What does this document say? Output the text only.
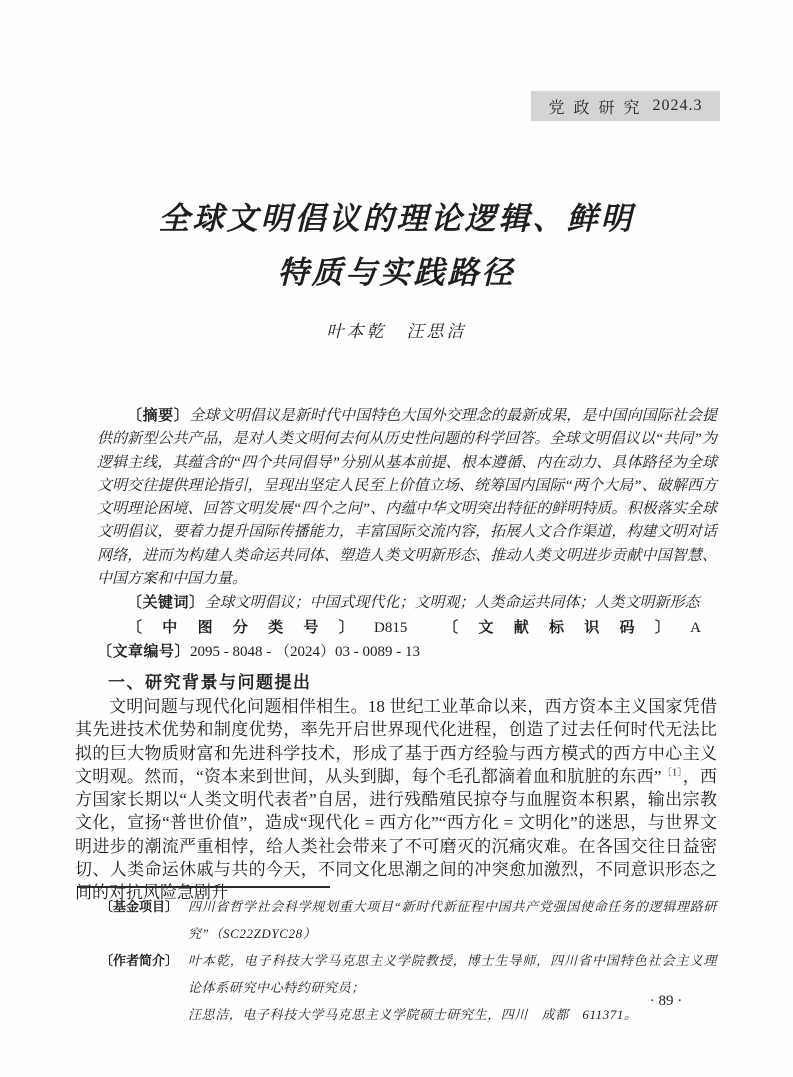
党政研究 2024.3
全球文明倡议的理论逻辑、鲜明
特质与实践路径
叶本乾　汪思洁

〔摘要〕全球文明倡议是新时代中国特色大国外交理念的最新成果，是中国向国际社会提供的新型公共产品，是对人类文明何去何从历史性问题的科学回答。全球文明倡议以“共同”为逻辑主线，其蕴含的“四个共同倡导”分别从基本前提、根本遵循、内在动力、具体路径为全球文明交往提供理论指引，呈现出坚定人民至上价值立场、统筹国内国际“两个大局”、破解西方文明理论困境、回答文明发展“四个之问”、内蕴中华文明突出特征的鲜明特质。积极落实全球文明倡议，要着力提升国际传播能力，丰富国际交流内容，拓展人文合作渠道，构建文明对话网络，进而为构建人类命运共同体、塑造人类文明新形态、推动人类文明进步贡献中国智慧、中国方案和中国力量。

〔关键词〕全球文明倡议；中国式现代化；文明观；人类命运共同体；人类文明新形态

〔中图分类号〕D815 〔文献标识码〕A〔文章编号〕2095 - 8048 - （2024）03 - 0089 - 13

一、研究背景与问题提出

文明问题与现代化问题相伴相生。18 世纪工业革命以来，西方资本主义国家凭借其先进技术优势和制度优势，率先开启世界现代化进程，创造了过去任何时代无法比拟的巨大物质财富和先进科学技术，形成了基于西方经验与西方模式的西方中心主义文明观。然而，“资本来到世间，从头到脚，每个毛孔都滴着血和肮脏的东西”$^{〔1〕}$，西方国家长期以“人类文明代表者”自居，进行残酷殖民掠夺与血腥资本积累，输出宗教文化，宣扬“普世价值”，造成“现代化 = 西方化”“西方化 = 文明化”的迷思，与世界文明进步的潮流严重相悖，给人类社会带来了不可磨灭的沉痛灾难。在各国交往日益密切、人类命运休戚与共的今天，不同文化思潮之间的冲突愈加激烈，不同意识形态之间的对抗风险急剧升

〔基金项目〕 四川省哲学社会科学规划重大项目“新时代新征程中国共产党强国使命任务的逻辑理路研究”（SC22ZDYC28）
〔作者简介〕 叶本乾，电子科技大学马克思主义学院教授，博士生导师，四川省中国特色社会主义理论体系研究中心特约研究员；
汪思洁，电子科技大学马克思主义学院硕士研究生，四川　成都　611371。
· 89 ·
